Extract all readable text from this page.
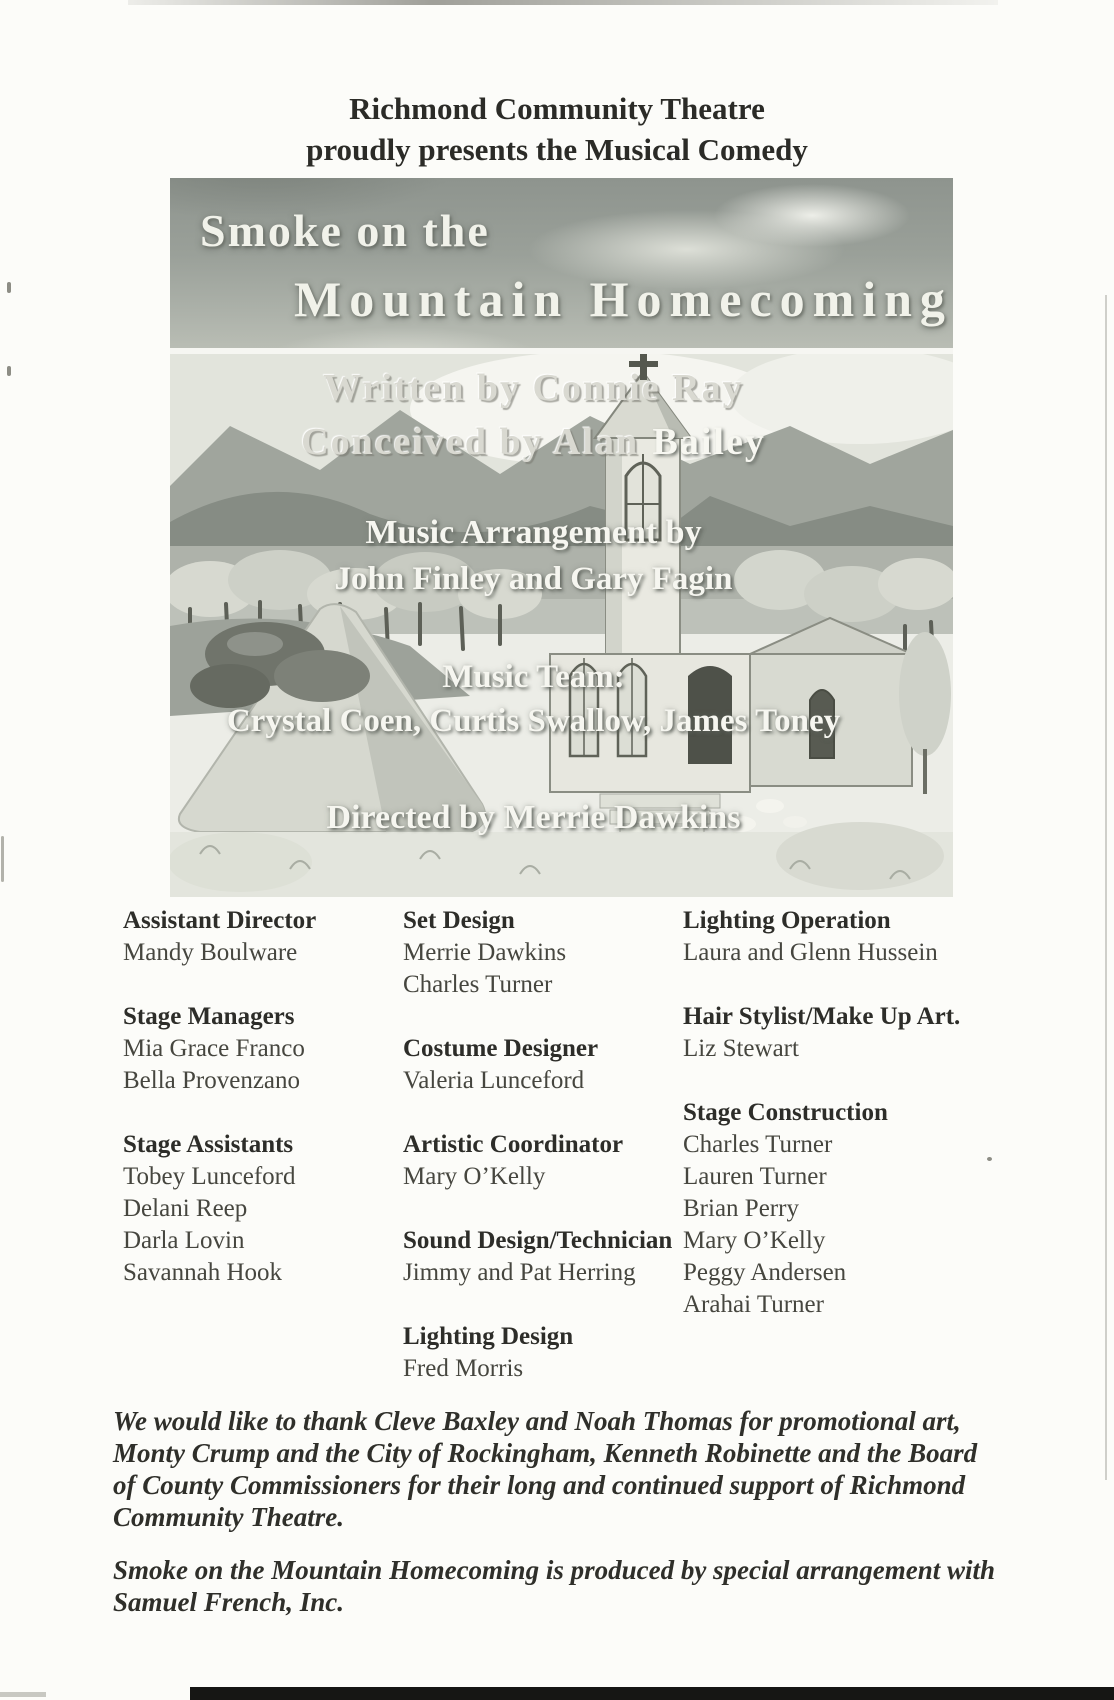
Richmond Community Theatre
proudly presents the Musical Comedy
Smoke on the
Mountain Homecoming
Written by Connie Ray
Conceived by Alan Bailey
Music Arrangement by
John Finley and Gary Fagin
Music Team:
Crystal Coen, Curtis Swallow, James Toney
Directed by Merrie Dawkins
Assistant Director
Mandy Boulware
Stage Managers
Mia Grace Franco
Bella Provenzano
Stage Assistants
Tobey Lunceford
Delani Reep
Darla Lovin
Savannah Hook
Set Design
Merrie Dawkins
Charles Turner
Costume Designer
Valeria Lunceford
Artistic Coordinator
Mary O’Kelly
Sound Design/Technician
Jimmy and Pat Herring
Lighting Design
Fred Morris
Lighting Operation
Laura and Glenn Hussein
Hair Stylist/Make Up Art.
Liz Stewart
Stage Construction
Charles Turner
Lauren Turner
Brian Perry
Mary O’Kelly
Peggy Andersen
Arahai Turner

We would like to thank Cleve Baxley and Noah Thomas for promotional art, Monty Crump and the City of Rockingham, Kenneth Robinette and the Board of County Commissioners for their long and continued support of Richmond Community Theatre.

Smoke on the Mountain Homecoming is produced by special arrangement with Samuel French, Inc.
